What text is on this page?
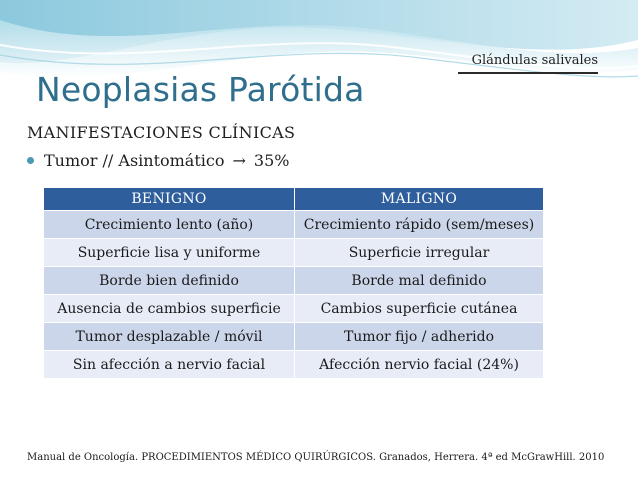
Glándulas salivales
Neoplasias Parótida
MANIFESTACIONES CLÍNICAS
Tumor // Asintomático → 35%
BENIGNO	MALIGNO
Crecimiento lento (año)	Crecimiento rápido (sem/meses)
Superficie lisa y uniforme	Superficie irregular
Borde bien definido	Borde mal definido
Ausencia de cambios superficie	Cambios superficie cutánea
Tumor desplazable / móvil	Tumor fijo / adherido
Sin afección a nervio facial	Afección nervio facial (24%)
Manual de Oncología. PROCEDIMIENTOS MÉDICO QUIRÚRGICOS. Granados, Herrera. 4ª ed McGrawHill. 2010
